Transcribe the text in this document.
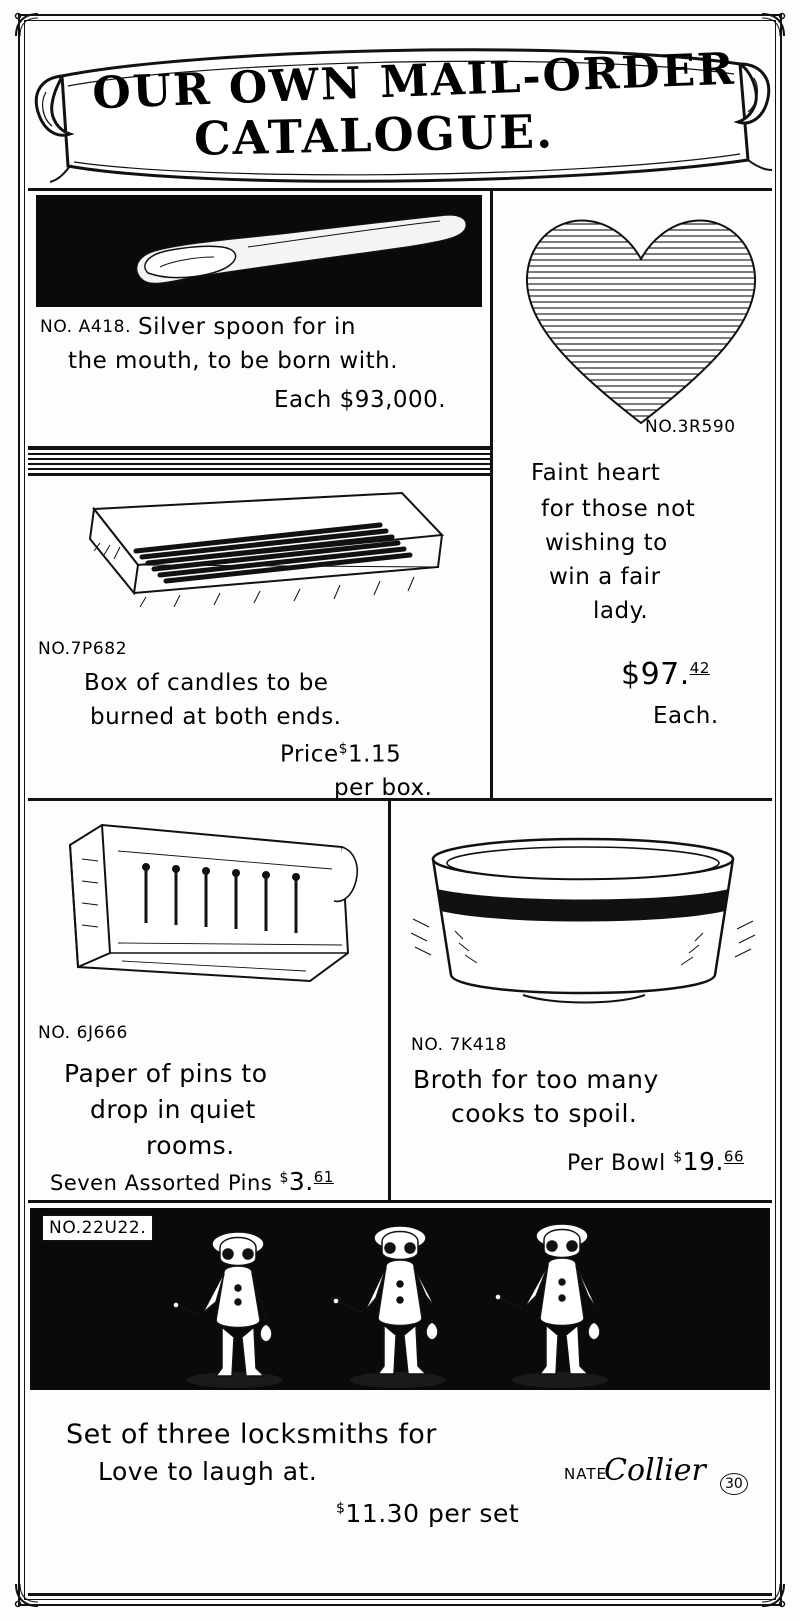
OUR OWN MAIL-ORDER
CATALOGUE.
NO. A418. Silver spoon for in
the mouth, to be born with.
Each $93,000.
NO.3R590
Faint heart
for those not
wishing to
win a fair
lady.
$97.42
Each.
NO.7P682
Box of candles to be
burned at both ends.
Price$1.15
per box.
NO. 6J666
Paper of pins to
drop in quiet
rooms.
Seven Assorted Pins $3.61
NO. 7K418
Broth for too many
cooks to spoil.
Per Bowl $19.66
NO.22U22.
Set of three locksmiths for
Love to laugh at.
$11.30 per set
NATE
Collier	30
